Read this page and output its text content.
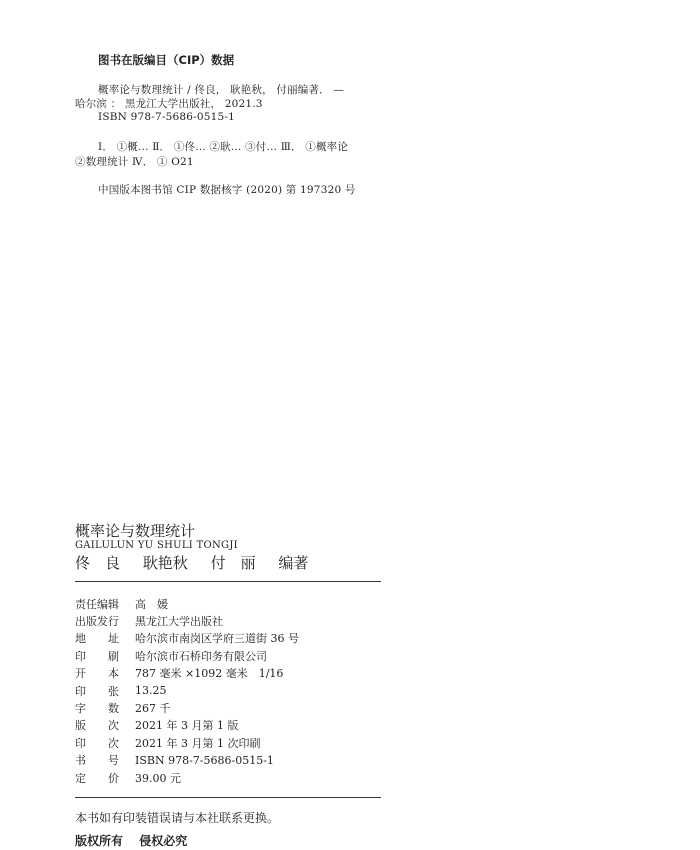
图书在版编目（CIP）数据
概率论与数理统计 / 佟良， 耿艳秋， 付丽编著． —
哈尔滨 ： 黑龙江大学出版社， 2021.3
ISBN 978-7-5686-0515-1
Ⅰ． ①概… Ⅱ． ①佟… ②耿… ③付… Ⅲ． ①概率论
②数理统计 Ⅳ． ① O21
中国版本图书馆 CIP 数据核字 (2020) 第 197320 号
概率论与数理统计
GAILULUN YU SHULI TONGJI
佟　良 耿艳秋 付　丽 编著
责任编辑	高　媛
出版发行	黑龙江大学出版社
地 址 哈尔滨市南岗区学府三道街 36 号
印 刷 哈尔滨市石桥印务有限公司
开 本 787 毫米 ×1092 毫米　1/16
印 张 13.25
字 数 267 千
版 次 2021 年 3 月第 1 版
印 次 2021 年 3 月第 1 次印刷
书 号 ISBN 978-7-5686-0515-1
定 价 39.00 元
本书如有印装错误请与本社联系更换。
版权所有 侵权必究
